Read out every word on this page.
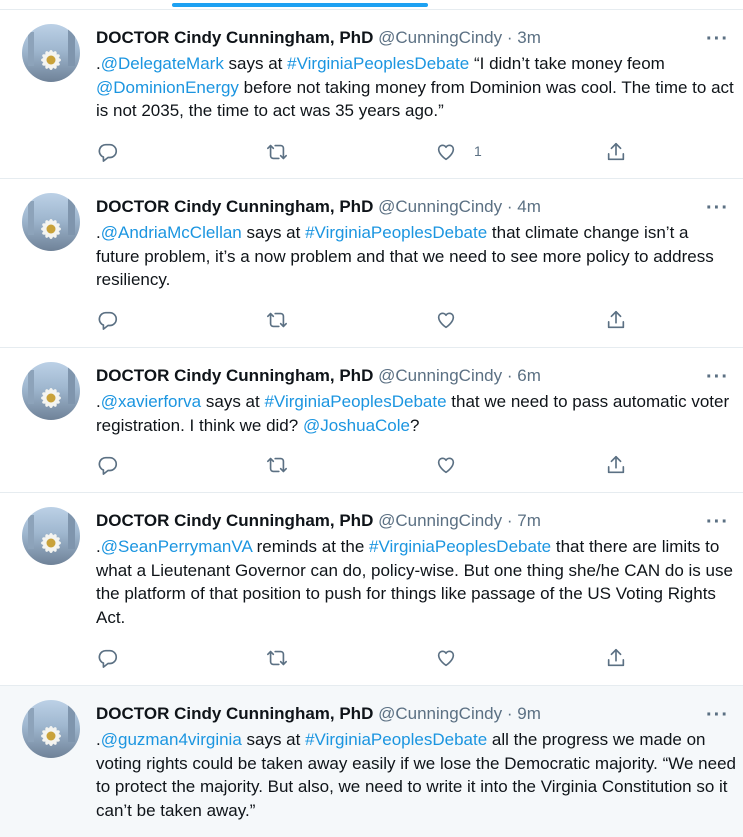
DOCTOR Cindy Cunningham, PhD @CunningCindy · 3m	···
.@DelegateMark says at #VirginiaPeoplesDebate “I didn’t take money feom @DominionEnergy before not taking money from Dominion was cool. The time to act is not 2035, the time to act was 35 years ago.”
1
DOCTOR Cindy Cunningham, PhD @CunningCindy · 4m	···
.@AndriaMcClellan says at #VirginiaPeoplesDebate that climate change isn’t a future problem, it’s a now problem and that we need to see more policy to address resiliency.
DOCTOR Cindy Cunningham, PhD @CunningCindy · 6m	···
.@xavierforva says at #VirginiaPeoplesDebate that we need to pass automatic voter registration. I think we did? @JoshuaCole?
DOCTOR Cindy Cunningham, PhD @CunningCindy · 7m	···
.@SeanPerrymanVA reminds at the #VirginiaPeoplesDebate that there are limits to what a Lieutenant Governor can do, policy-wise. But one thing she/he CAN do is use the platform of that position to push for things like passage of the US Voting Rights Act.
DOCTOR Cindy Cunningham, PhD @CunningCindy · 9m	···
.@guzman4virginia says at #VirginiaPeoplesDebate all the progress we made on voting rights could be taken away easily if we lose the Democratic majority. “We need to protect the majority. But also, we need to write it into the Virginia Constitution so it can’t be taken away.”
